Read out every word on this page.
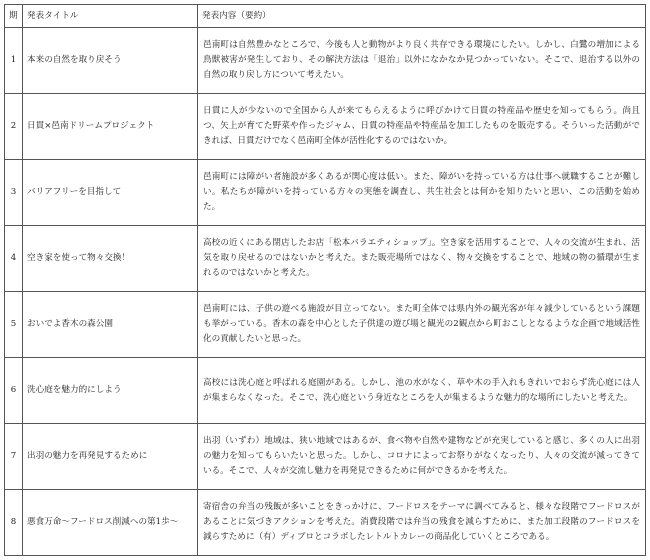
期	発表タイトル	発表内容（要約）
1	本来の自然を取り戻そう	邑南町は自然豊かなところで、今後も人と動物がより良く共存できる環境にしたい。しかし、白鷺の増加による鳥獣被害が発生しており、その解決方法は「退治」以外になかなか見つかっていない。そこで、退治する以外の自然の取り戻し方について考えたい。
2	日貫×邑南ドリームプロジェクト	日貫に人が少ないので全国から人が来てもらえるように呼びかけて日貫の特産品や歴史を知ってもらう。尚且つ、矢上が育てた野菜や作ったジャム、日貫の特産品や特産品を加工したものを販売する。そういった活動ができれば、日貫だけでなく邑南町全体が活性化するのではないか。
3	バリアフリーを目指して	邑南町には障がい者施設が多くあるが関心度は低い。また、障がいを持っている方は仕事へ就職することが難しい。私たちが障がいを持っている方々の実態を調査し、共生社会とは何かを知りたいと思い、この活動を始めた。
4	空き家を使って物々交換！	高校の近くにある閉店したお店「松本バラエティショップ」。空き家を活用することで、人々の交流が生まれ、活気を取り戻せるのではないかと考えた。また販売場所ではなく、物々交換をすることで、地域の物の循環が生まれるのではないかと考えた。
5	おいでよ香木の森公園	邑南町には、子供の遊べる施設が目立ってない。また町全体では県内外の観光客が年々減少しているという課題も挙がっている。香木の森を中心とした子供達の遊び場と観光の2観点から町おこしとなるような企画で地域活性化の貢献したいと思った。
6	洗心庭を魅力的にしよう	高校には洗心庭と呼ばれる庭園がある。しかし、池の水がなく、草や木の手入れもきれいでおらず洗心庭には人が集まらなくなった。そこで、洗心庭という身近なところを人が集まるような魅力的な場所にしたいと考えた。
7	出羽の魅力を再発見するために	出羽（いずわ）地域は、狭い地域ではあるが、食べ物や自然や建物などが充実していると感じ、多くの人に出羽の魅力を知ってもらいたいと思った。しかし、コロナによってお祭りがなくなったり、人々の交流が減ってきている。そこで、人々が交流し魅力を再発見できるために何ができるかを考えた。
8	悪食万命～フードロス削減への第1歩～	寄宿舎の弁当の残飯が多いことをきっかけに、フードロスをテーマに調べてみると、様々な段階でフードロスがあることに気づきアクションを考えた。消費段階では弁当の残食を減らすために、また加工段階のフードロスを減らすために（有）ディブロとコラボしたレトルトカレーの商品化していくところである。
